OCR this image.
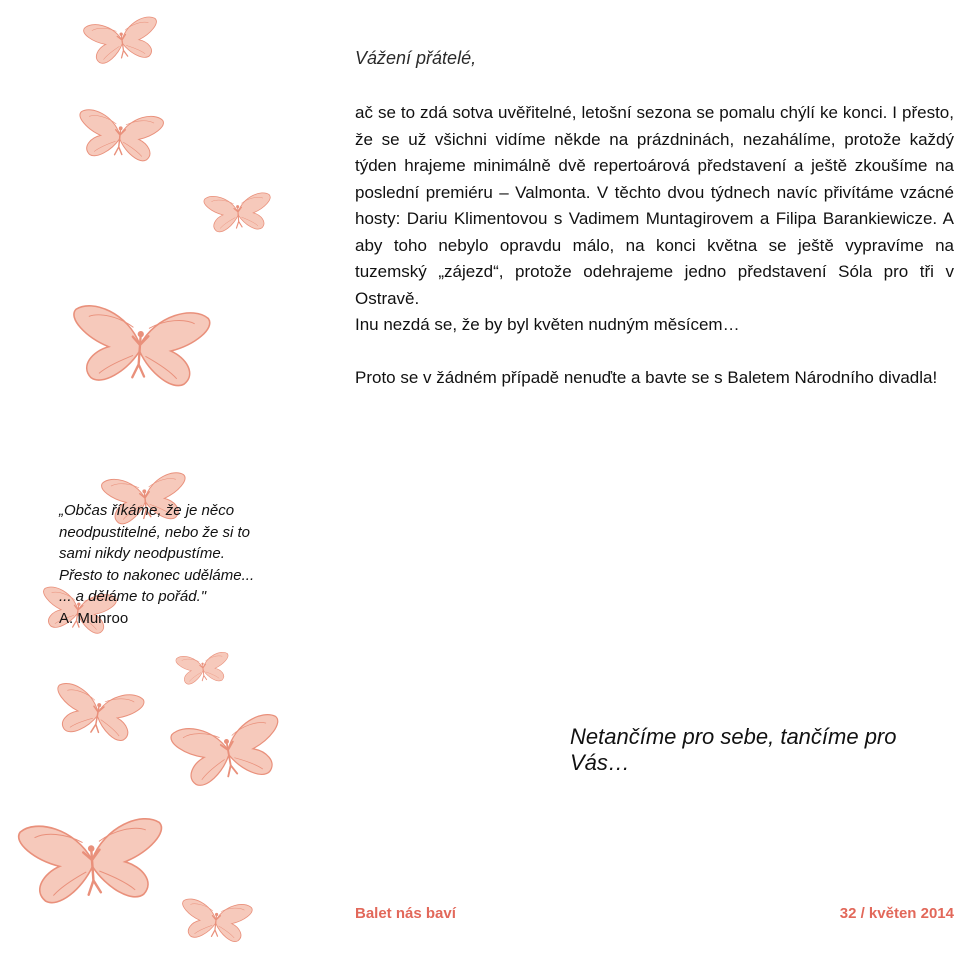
Vážení přátelé,

ač se to zdá sotva uvěřitelné, letošní sezona se pomalu chýlí ke konci. I přesto, že se už všichni vidíme někde na prázdninách, nezahálíme, protože každý týden hrajeme minimálně dvě repertoárová představení a ještě zkoušíme na poslední premiéru – Valmonta. V těchto dvou týdnech navíc přivítáme vzácné hosty: Dariu Klimentovou s Vadimem Muntagirovem a Filipa Barankiewicze. A aby toho nebylo opravdu málo, na konci května se ještě vypravíme na tuzemský „zájezd“, protože odehrajeme jedno představení Sóla pro tři v Ostravě.

Inu nezdá se, že by byl květen nudným měsícem…

Proto se v žádném případě nenuďte a bavte se s Baletem Národního divadla!

„Občas říkáme, že je něco

neodpustitelné, nebo že si to

sami nikdy neodpustíme.

Přesto to nakonec uděláme...

... a děláme to pořád."

A. Munroo

Netančíme pro sebe, tančíme pro Vás…

Balet nás baví	32 / květen 2014
